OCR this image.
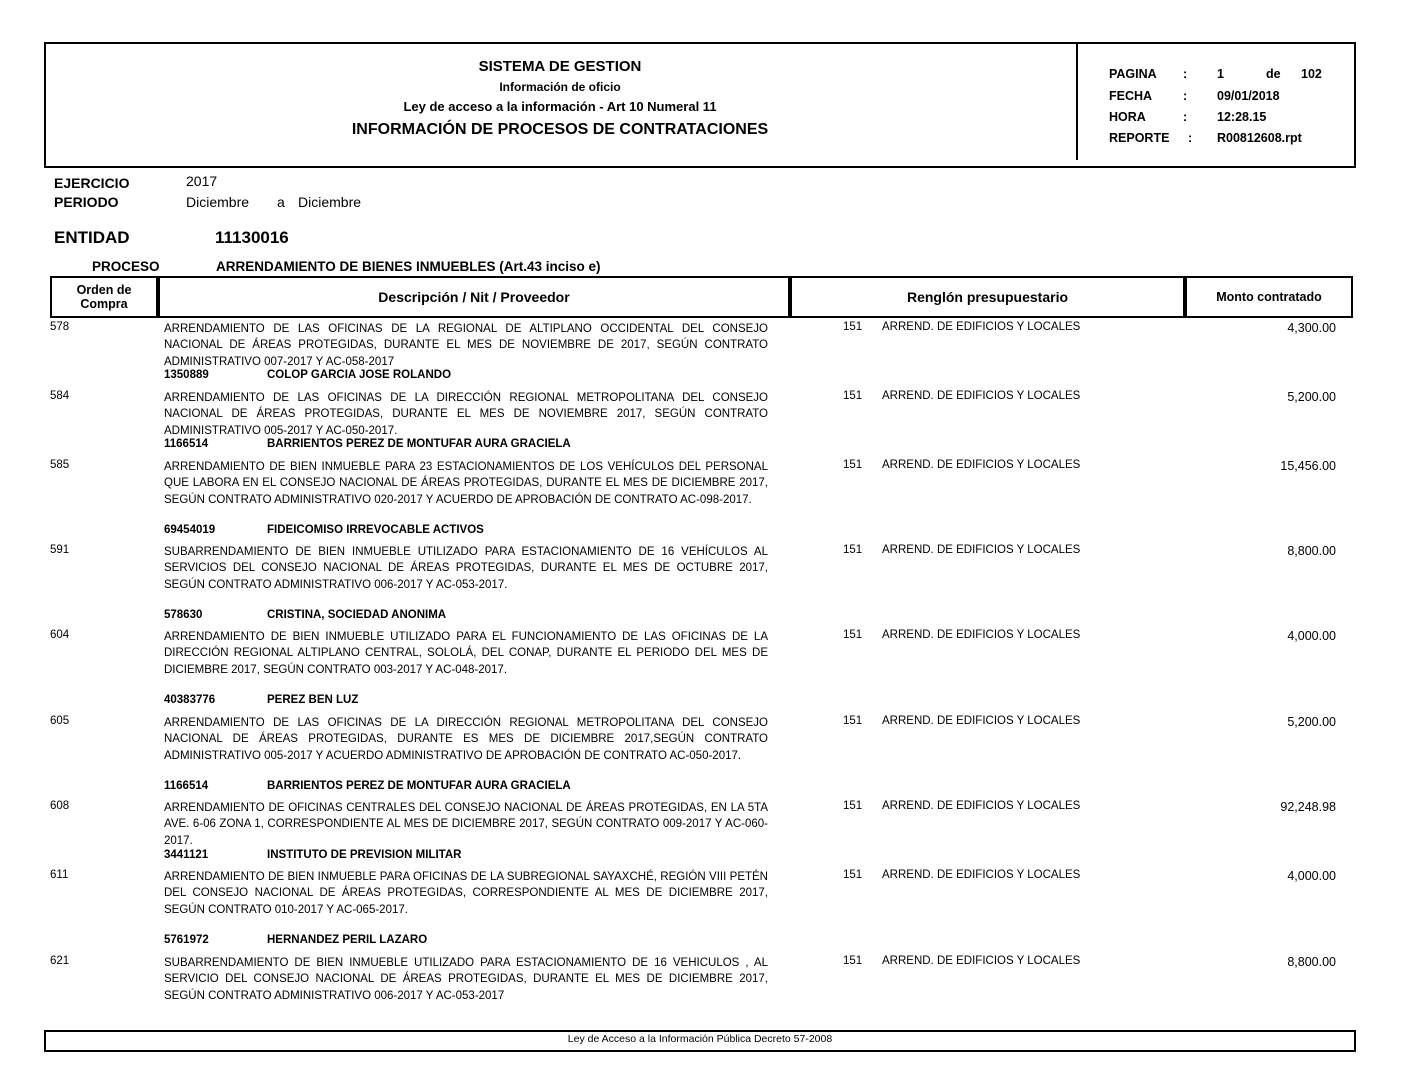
SISTEMA DE GESTION
Información de oficio
Ley de acceso a la información - Art 10 Numeral 11
INFORMACIÓN DE PROCESOS DE CONTRATACIONES
PAGINA : 1	de 102
FECHA : 09/01/2018
HORA	: 12:28.15
REPORTE : R00812608.rpt
EJERCICIO	2017
PERIODO	Diciembre a Diciembre
ENTIDAD	11130016
PROCESO	ARRENDAMIENTO DE BIENES INMUEBLES (Art.43 inciso e)
Orden de Compra	Descripción / Nit / Proveedor	Renglón presupuestario	Monto contratado
578	ARRENDAMIENTO DE LAS OFICINAS DE LA REGIONAL DE ALTIPLANO OCCIDENTAL DEL CONSEJO NACIONAL DE ÁREAS PROTEGIDAS, DURANTE EL MES DE NOVIEMBRE DE 2017, SEGÚN CONTRATO ADMINISTRATIVO 007-2017 Y AC-058-2017
1350889	COLOP GARCIA JOSE ROLANDO
151 ARREND. DE EDIFICIOS Y LOCALES	4,300.00
584	ARRENDAMIENTO DE LAS OFICINAS DE LA DIRECCIÓN REGIONAL METROPOLITANA DEL CONSEJO NACIONAL DE ÁREAS PROTEGIDAS, DURANTE EL MES DE NOVIEMBRE 2017, SEGÚN CONTRATO ADMINISTRATIVO 005-2017 Y AC-050-2017.
1166514	BARRIENTOS PEREZ DE MONTUFAR AURA GRACIELA
151 ARREND. DE EDIFICIOS Y LOCALES	5,200.00
585	ARRENDAMIENTO DE BIEN INMUEBLE PARA 23 ESTACIONAMIENTOS DE LOS VEHÍCULOS DEL PERSONAL QUE LABORA EN EL CONSEJO NACIONAL DE ÁREAS PROTEGIDAS, DURANTE EL MES DE DICIEMBRE 2017, SEGÚN CONTRATO ADMINISTRATIVO 020-2017 Y ACUERDO DE APROBACIÓN DE CONTRATO AC-098-2017.
69454019	FIDEICOMISO IRREVOCABLE ACTIVOS
151 ARREND. DE EDIFICIOS Y LOCALES	15,456.00
591	SUBARRENDAMIENTO DE BIEN INMUEBLE UTILIZADO PARA ESTACIONAMIENTO DE 16 VEHÍCULOS AL SERVICIOS DEL CONSEJO NACIONAL DE ÁREAS PROTEGIDAS, DURANTE EL MES DE OCTUBRE 2017, SEGÚN CONTRATO ADMINISTRATIVO 006-2017 Y AC-053-2017.
578630	CRISTINA, SOCIEDAD ANONIMA
151 ARREND. DE EDIFICIOS Y LOCALES	8,800.00
604	ARRENDAMIENTO DE BIEN INMUEBLE UTILIZADO PARA EL FUNCIONAMIENTO DE LAS OFICINAS DE LA DIRECCIÓN REGIONAL ALTIPLANO CENTRAL, SOLOLÁ, DEL CONAP, DURANTE EL PERIODO DEL MES DE DICIEMBRE 2017, SEGÚN CONTRATO 003-2017 Y AC-048-2017.
40383776	PEREZ BEN LUZ
151 ARREND. DE EDIFICIOS Y LOCALES	4,000.00
605	ARRENDAMIENTO DE LAS OFICINAS DE LA DIRECCIÓN REGIONAL METROPOLITANA DEL CONSEJO NACIONAL DE ÁREAS PROTEGIDAS, DURANTE ES MES DE DICIEMBRE 2017,SEGÚN CONTRATO ADMINISTRATIVO 005-2017 Y ACUERDO ADMINISTRATIVO DE APROBACIÓN DE CONTRATO AC-050-2017.
1166514	BARRIENTOS PEREZ DE MONTUFAR AURA GRACIELA
151 ARREND. DE EDIFICIOS Y LOCALES	5,200.00
608	ARRENDAMIENTO DE OFICINAS CENTRALES DEL CONSEJO NACIONAL DE ÁREAS PROTEGIDAS, EN LA 5TA AVE. 6-06 ZONA 1, CORRESPONDIENTE AL MES DE DICIEMBRE 2017, SEGÚN CONTRATO 009-2017 Y AC-060-2017.
3441121	INSTITUTO DE PREVISION MILITAR
151 ARREND. DE EDIFICIOS Y LOCALES	92,248.98
611	ARRENDAMIENTO DE BIEN INMUEBLE PARA OFICINAS DE LA SUBREGIONAL SAYAXCHÉ, REGIÓN VIII PETÉN DEL CONSEJO NACIONAL DE ÁREAS PROTEGIDAS, CORRESPONDIENTE AL MES DE DICIEMBRE 2017, SEGÚN CONTRATO 010-2017 Y AC-065-2017.
5761972	HERNANDEZ PERIL LAZARO
151 ARREND. DE EDIFICIOS Y LOCALES	4,000.00
621	SUBARRENDAMIENTO DE BIEN INMUEBLE UTILIZADO PARA ESTACIONAMIENTO DE 16 VEHICULOS , AL SERVICIO DEL CONSEJO NACIONAL DE ÁREAS PROTEGIDAS, DURANTE EL MES DE DICIEMBRE 2017, SEGÚN CONTRATO ADMINISTRATIVO 006-2017 Y AC-053-2017
151 ARREND. DE EDIFICIOS Y LOCALES	8,800.00
Ley de Acceso a la Información Pública Decreto 57-2008
